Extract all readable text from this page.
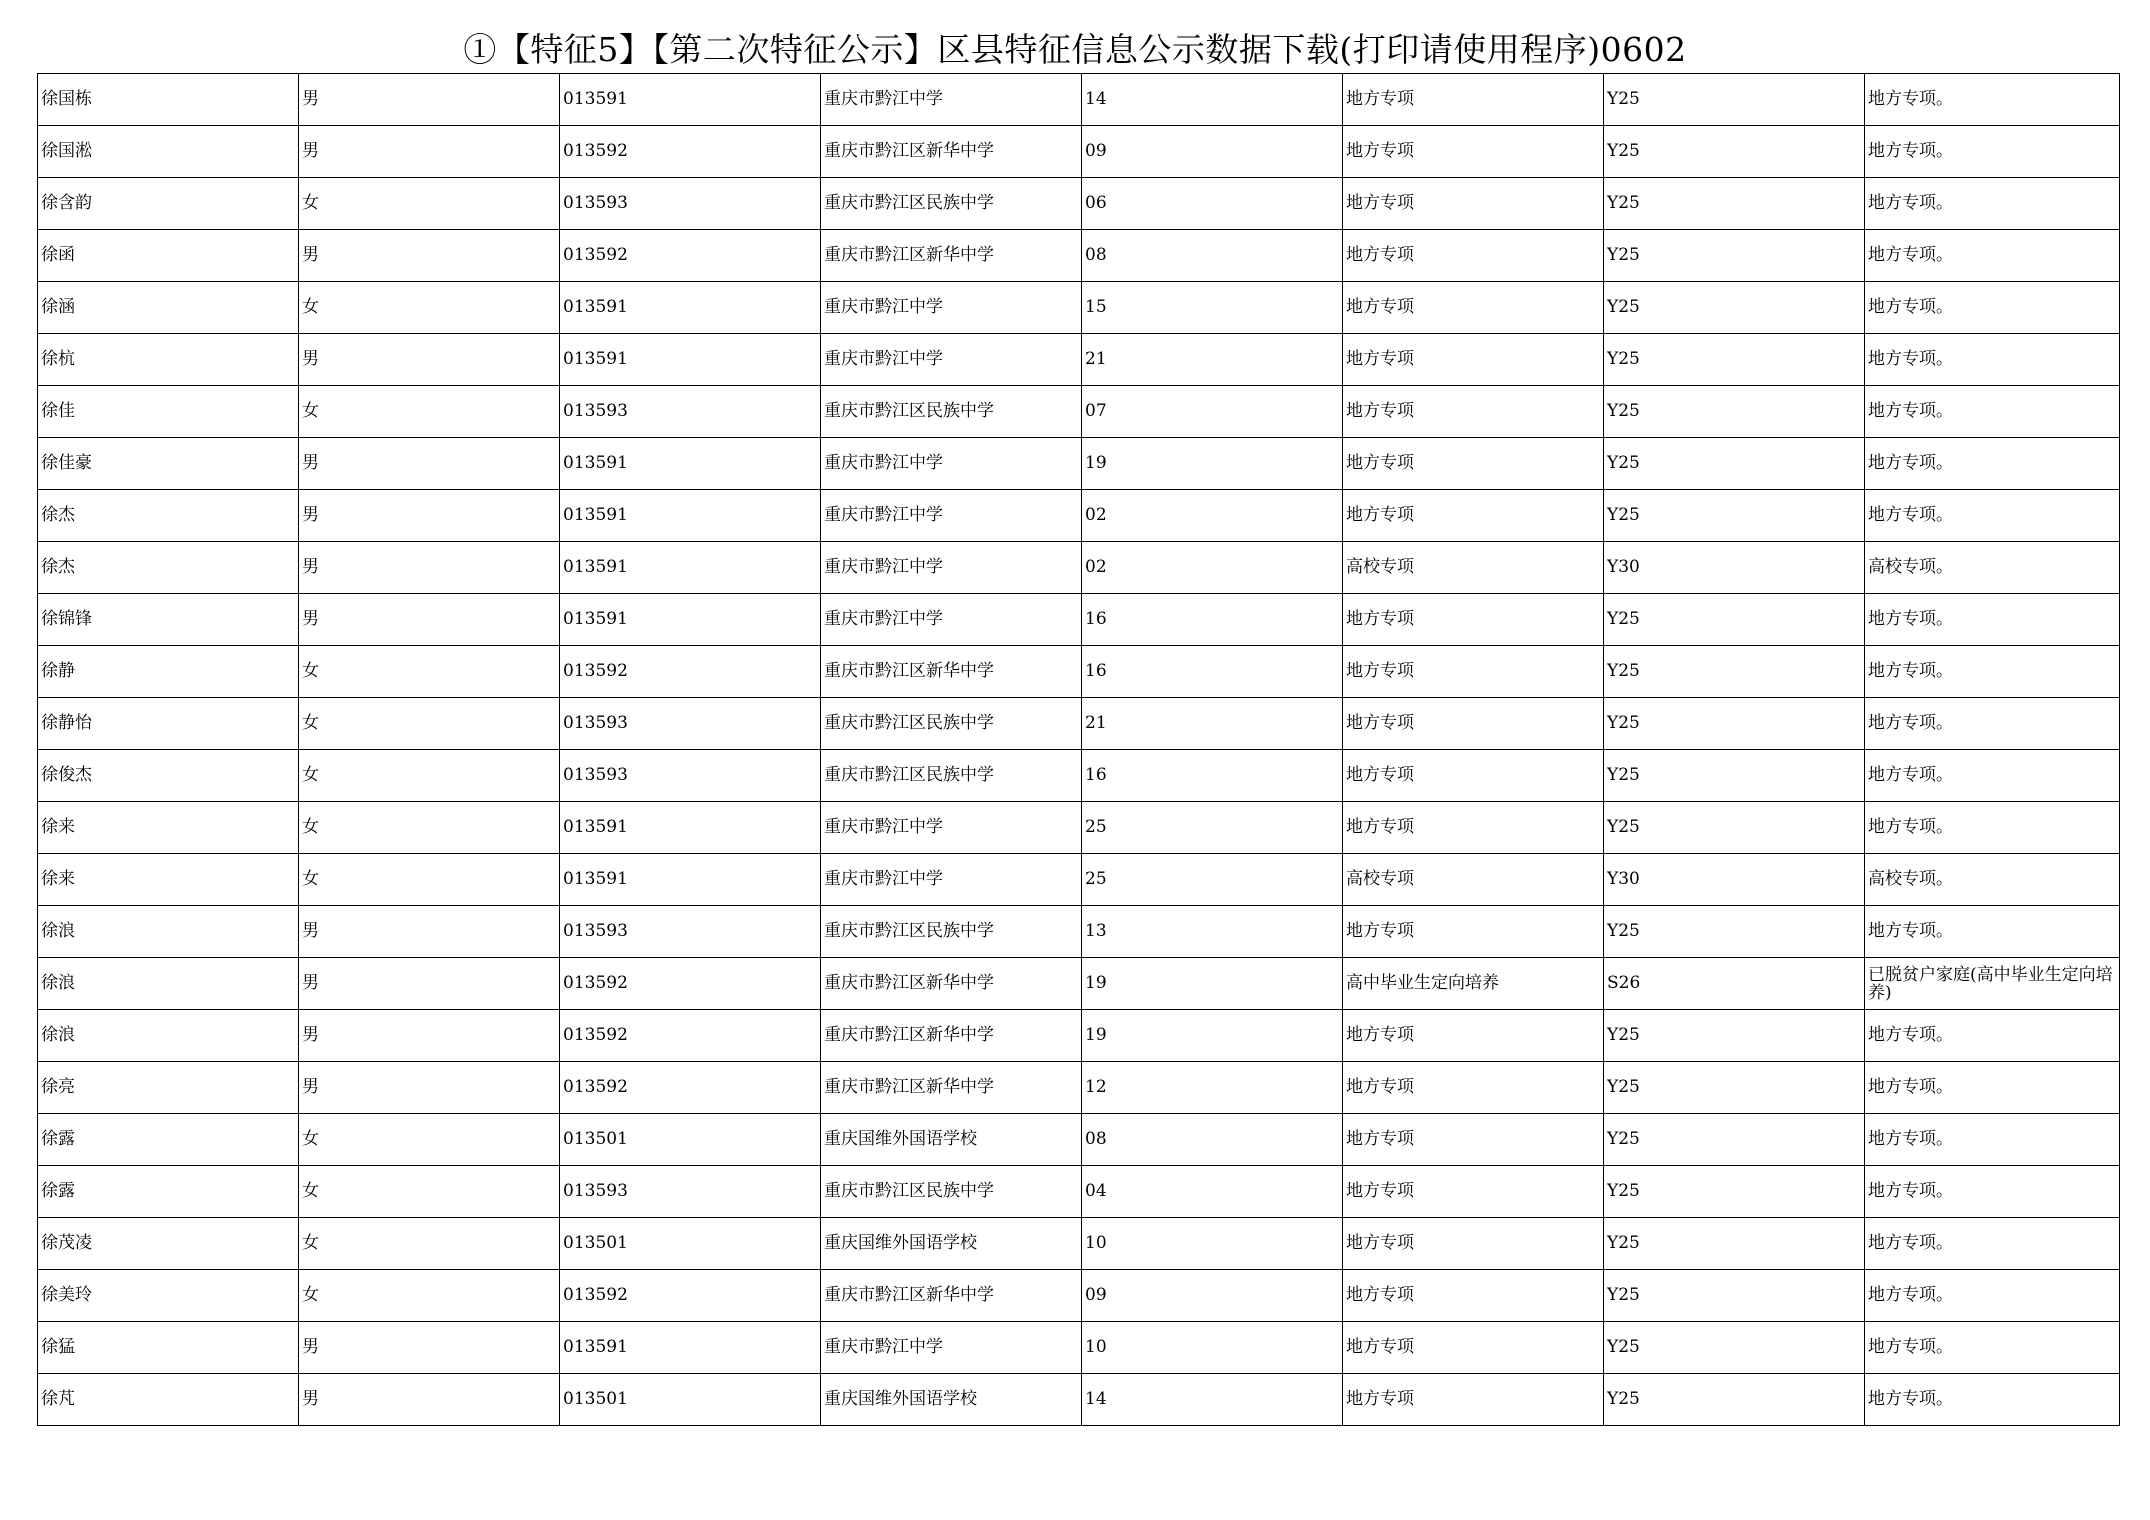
①【特征5】【第二次特征公示】区县特征信息公示数据下载(打印请使用程序)0602
徐国栋	男	013591	重庆市黔江中学	14	地方专项	Y25	地方专项。
徐国淞	男	013592	重庆市黔江区新华中学	09	地方专项	Y25	地方专项。
徐含韵	女	013593	重庆市黔江区民族中学	06	地方专项	Y25	地方专项。
徐函	男	013592	重庆市黔江区新华中学	08	地方专项	Y25	地方专项。
徐涵	女	013591	重庆市黔江中学	15	地方专项	Y25	地方专项。
徐杭	男	013591	重庆市黔江中学	21	地方专项	Y25	地方专项。
徐佳	女	013593	重庆市黔江区民族中学	07	地方专项	Y25	地方专项。
徐佳豪	男	013591	重庆市黔江中学	19	地方专项	Y25	地方专项。
徐杰	男	013591	重庆市黔江中学	02	地方专项	Y25	地方专项。
徐杰	男	013591	重庆市黔江中学	02	高校专项	Y30	高校专项。
徐锦锋	男	013591	重庆市黔江中学	16	地方专项	Y25	地方专项。
徐静	女	013592	重庆市黔江区新华中学	16	地方专项	Y25	地方专项。
徐静怡	女	013593	重庆市黔江区民族中学	21	地方专项	Y25	地方专项。
徐俊杰	女	013593	重庆市黔江区民族中学	16	地方专项	Y25	地方专项。
徐来	女	013591	重庆市黔江中学	25	地方专项	Y25	地方专项。
徐来	女	013591	重庆市黔江中学	25	高校专项	Y30	高校专项。
徐浪	男	013593	重庆市黔江区民族中学	13	地方专项	Y25	地方专项。
徐浪	男	013592	重庆市黔江区新华中学	19	高中毕业生定向培养	S26	已脱贫户家庭(高中毕业生定向培养)
徐浪	男	013592	重庆市黔江区新华中学	19	地方专项	Y25	地方专项。
徐亮	男	013592	重庆市黔江区新华中学	12	地方专项	Y25	地方专项。
徐露	女	013501	重庆国维外国语学校	08	地方专项	Y25	地方专项。
徐露	女	013593	重庆市黔江区民族中学	04	地方专项	Y25	地方专项。
徐茂凌	女	013501	重庆国维外国语学校	10	地方专项	Y25	地方专项。
徐美玲	女	013592	重庆市黔江区新华中学	09	地方专项	Y25	地方专项。
徐猛	男	013591	重庆市黔江中学	10	地方专项	Y25	地方专项。
徐芃	男	013501	重庆国维外国语学校	14	地方专项	Y25	地方专项。
